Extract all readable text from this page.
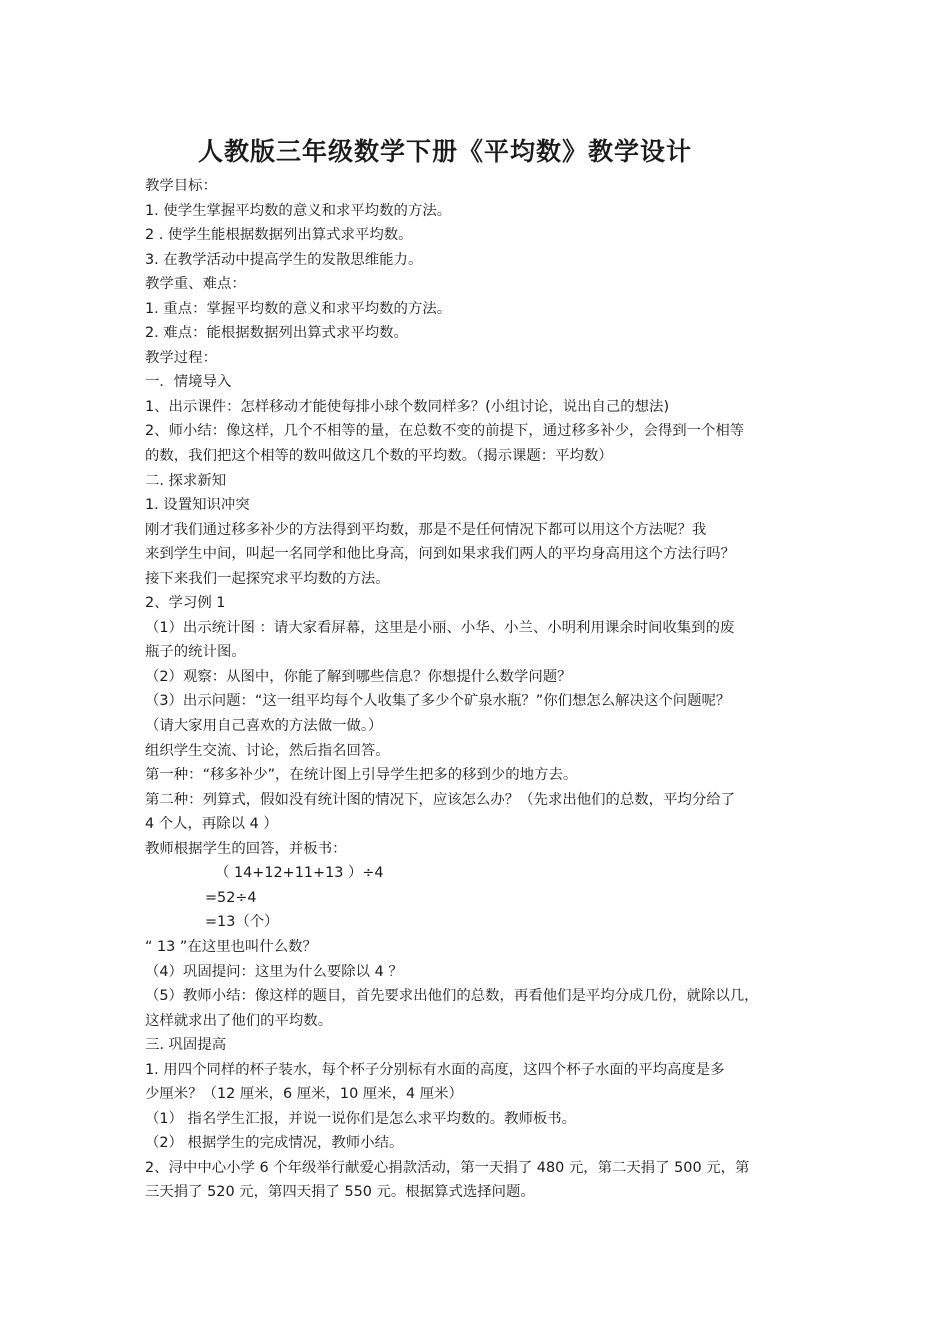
人教版三年级数学下册《平均数》教学设计
教学目标：
1. 使学生掌握平均数的意义和求平均数的方法。
2 . 使学生能根据数据列出算式求平均数。
3. 在教学活动中提高学生的发散思维能力。
教学重、难点：
1. 重点：掌握平均数的意义和求平均数的方法。
2. 难点：能根据数据列出算式求平均数。
教学过程：
一．情境导入
1、出示课件：怎样移动才能使每排小球个数同样多？(小组讨论，说出自己的想法)
2、师小结：像这样，几个不相等的量，在总数不变的前提下，通过移多补少，会得到一个相等
的数，我们把这个相等的数叫做这几个数的平均数。（揭示课题：平均数）
二. 探求新知
1. 设置知识冲突
刚才我们通过移多补少的方法得到平均数，那是不是任何情况下都可以用这个方法呢？我
来到学生中间，叫起一名同学和他比身高，问到如果求我们两人的平均身高用这个方法行吗？
接下来我们一起探究求平均数的方法。
2、学习例 1
（1）出示统计图 ：请大家看屏幕，这里是小丽、小华、小兰、小明利用课余时间收集到的废
瓶子的统计图。
（2）观察：从图中，你能了解到哪些信息？你想提什么数学问题？
（3）出示问题：“这一组平均每个人收集了多少个矿泉水瓶？”你们想怎么解决这个问题呢？
（请大家用自己喜欢的方法做一做。）
组织学生交流、讨论，然后指名回答。
第一种：“移多补少”，在统计图上引导学生把多的移到少的地方去。
第二种：列算式，假如没有统计图的情况下，应该怎么办？（先求出他们的总数，平均分给了
4 个人，再除以 4 ）
教师根据学生的回答，并板书：
（ 14+12+11+13 ）÷4
=52÷4
=13（个）
“ 13 ”在这里也叫什么数？
（4）巩固提问：这里为什么要除以 4 ？
（5）教师小结：像这样的题目，首先要求出他们的总数，再看他们是平均分成几份，就除以几，
这样就求出了他们的平均数。
三. 巩固提高
1. 用四个同样的杯子装水，每个杯子分别标有水面的高度，这四个杯子水面的平均高度是多
少厘米？（12 厘米，6 厘米，10 厘米，4 厘米）
（1） 指名学生汇报，并说一说你们是怎么求平均数的。教师板书。
（2） 根据学生的完成情况，教师小结。
2、浔中中心小学 6 个年级举行献爱心捐款活动，第一天捐了 480 元，第二天捐了 500 元，第
三天捐了 520 元，第四天捐了 550 元。根据算式选择问题。
